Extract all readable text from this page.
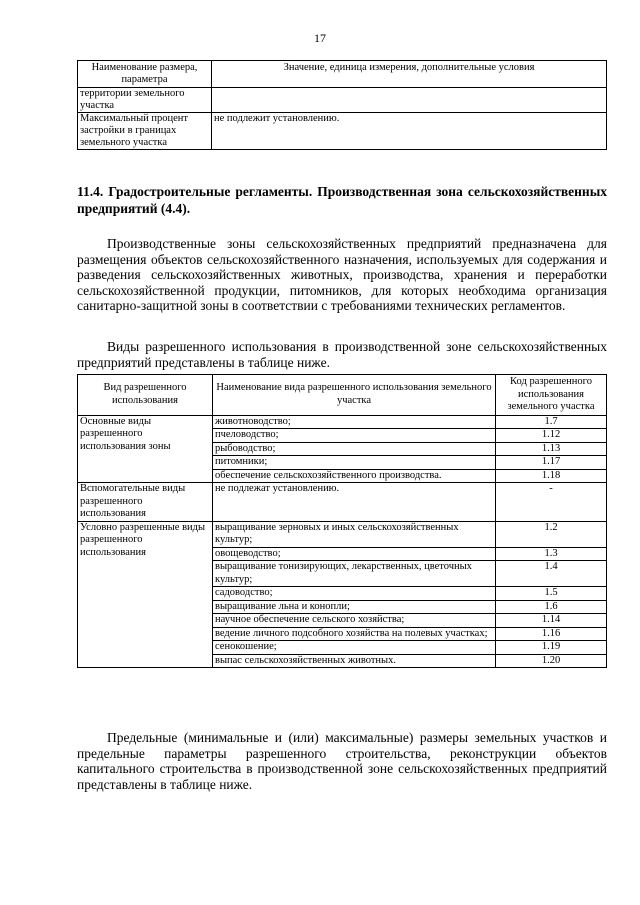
17
Наименование размера, параметра	Значение, единица измерения, дополнительные условия
территории земельного участка	
Максимальный процент застройки в границах земельного участка	не подлежит установлению.
11.4. Градостроительные регламенты. Производственная зона сельскохозяйственных предприятий (4.4).

Производственные зоны сельскохозяйственных предприятий предназначена для размещения объектов сельскохозяйственного назначения, используемых для содержания и разведения сельскохозяйственных животных, производства, хранения и переработки сельскохозяйственной продукции, питомников, для которых необходима организация санитарно-защитной зоны в соответствии с требованиями технических регламентов.

Виды разрешенного использования в производственной зоне сельскохозяйственных предприятий представлены в таблице ниже.

Вид разрешенного использования	Наименование вида разрешенного использования земельного участка	Код разрешенного использования земельного участка
Основные виды разрешенного использования зоны	животноводство;	1.7
	пчеловодство;	1.12
	рыбоводство;	1.13
	питомники;	1.17
	обеспечение сельскохозяйственного производства.	1.18
Вспомогательные виды разрешенного использования	не подлежат установлению.	-
Условно разрешенные виды разрешенного использования	выращивание зерновых и иных сельскохозяйственных культур;	1.2
	овощеводство;	1.3
	выращивание тонизирующих, лекарственных, цветочных культур;	1.4
	садоводство;	1.5
	выращивание льна и конопли;	1.6
	научное обеспечение сельского хозяйства;	1.14
	ведение личного подсобного хозяйства на полевых участках;	1.16
	сенокошение;	1.19
	выпас сельскохозяйственных животных.	1.20

Предельные (минимальные и (или) максимальные) размеры земельных участков и предельные параметры разрешенного строительства, реконструкции объектов капитального строительства в производственной зоне сельскохозяйственных предприятий представлены в таблице ниже.
